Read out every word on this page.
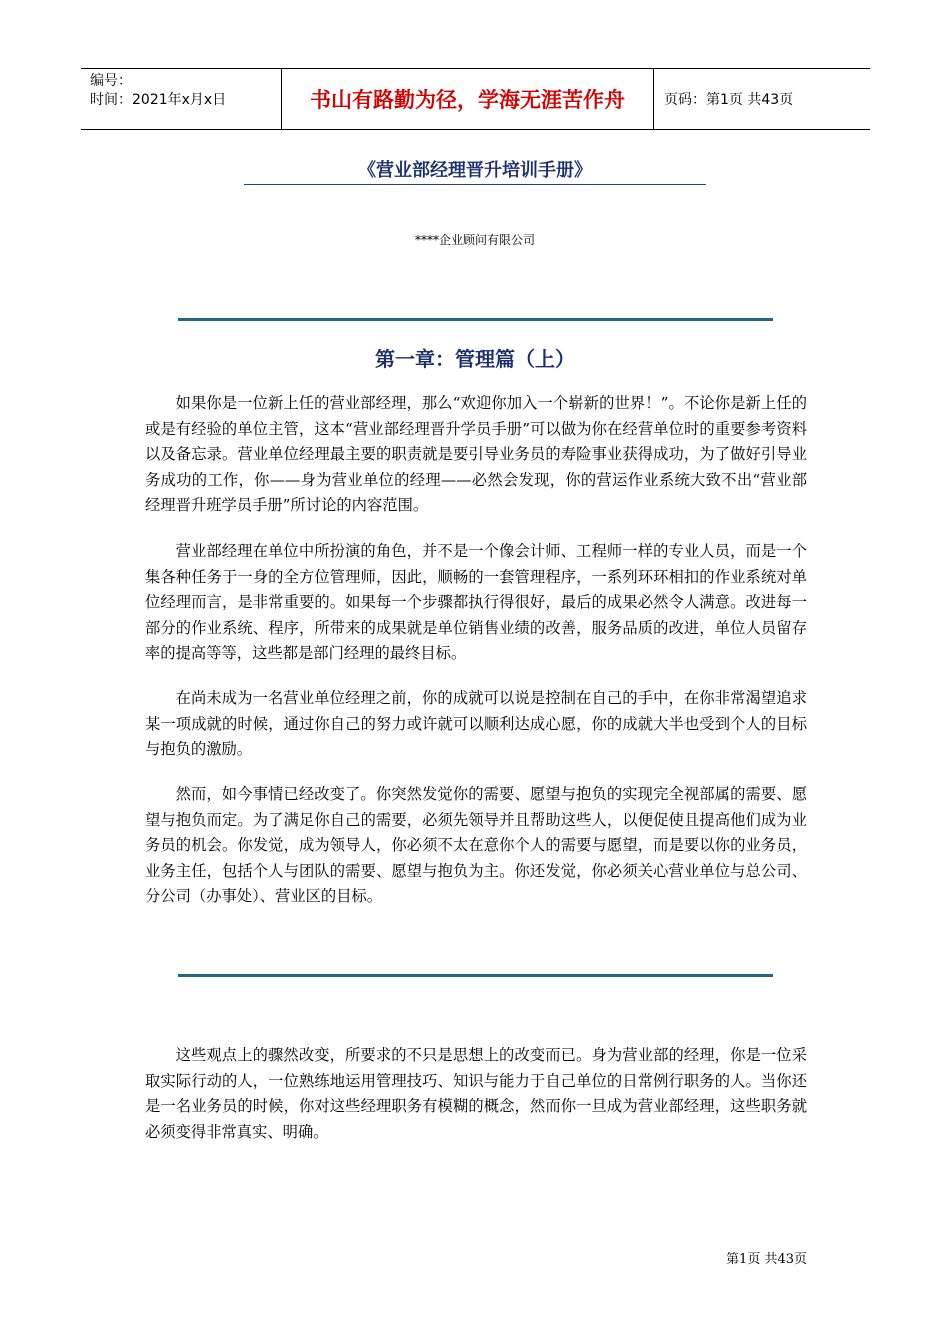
编号：
时间：2021年x月x日	书山有路勤为径，学海无涯苦作舟	页码：第1页 共43页
《营业部经理晋升培训手册》
****企业顾问有限公司
第一章：管理篇（上）

如果你是一位新上任的营业部经理，那么“欢迎你加入一个崭新的世界！”。不论你是新上任的或是有经验的单位主管，这本“营业部经理晋升学员手册”可以做为你在经营单位时的重要参考资料以及备忘录。营业单位经理最主要的职责就是要引导业务员的寿险事业获得成功，为了做好引导业务成功的工作，你——身为营业单位的经理——必然会发现，你的营运作业系统大致不出“营业部经理晋升班学员手册”所讨论的内容范围。

营业部经理在单位中所扮演的角色，并不是一个像会计师、工程师一样的专业人员，而是一个集各种任务于一身的全方位管理师，因此，顺畅的一套管理程序，一系列环环相扣的作业系统对单位经理而言，是非常重要的。如果每一个步骤都执行得很好，最后的成果必然令人满意。改进每一部分的作业系统、程序，所带来的成果就是单位销售业绩的改善，服务品质的改进，单位人员留存率的提高等等，这些都是部门经理的最终目标。

在尚未成为一名营业单位经理之前，你的成就可以说是控制在自己的手中，在你非常渴望追求某一项成就的时候，通过你自己的努力或许就可以顺利达成心愿，你的成就大半也受到个人的目标与抱负的激励。

然而，如今事情已经改变了。你突然发觉你的需要、愿望与抱负的实现完全视部属的需要、愿望与抱负而定。为了满足你自己的需要，必须先领导并且帮助这些人，以便促使且提高他们成为业务员的机会。你发觉，成为领导人，你必须不太在意你个人的需要与愿望，而是要以你的业务员，业务主任，包括个人与团队的需要、愿望与抱负为主。你还发觉，你必须关心营业单位与总公司、分公司（办事处）、营业区的目标。

这些观点上的骤然改变，所要求的不只是思想上的改变而已。身为营业部的经理，你是一位采取实际行动的人，一位熟练地运用管理技巧、知识与能力于自己单位的日常例行职务的人。当你还是一名业务员的时候，你对这些经理职务有模糊的概念，然而你一旦成为营业部经理，这些职务就必须变得非常真实、明确。

第1页 共43页
